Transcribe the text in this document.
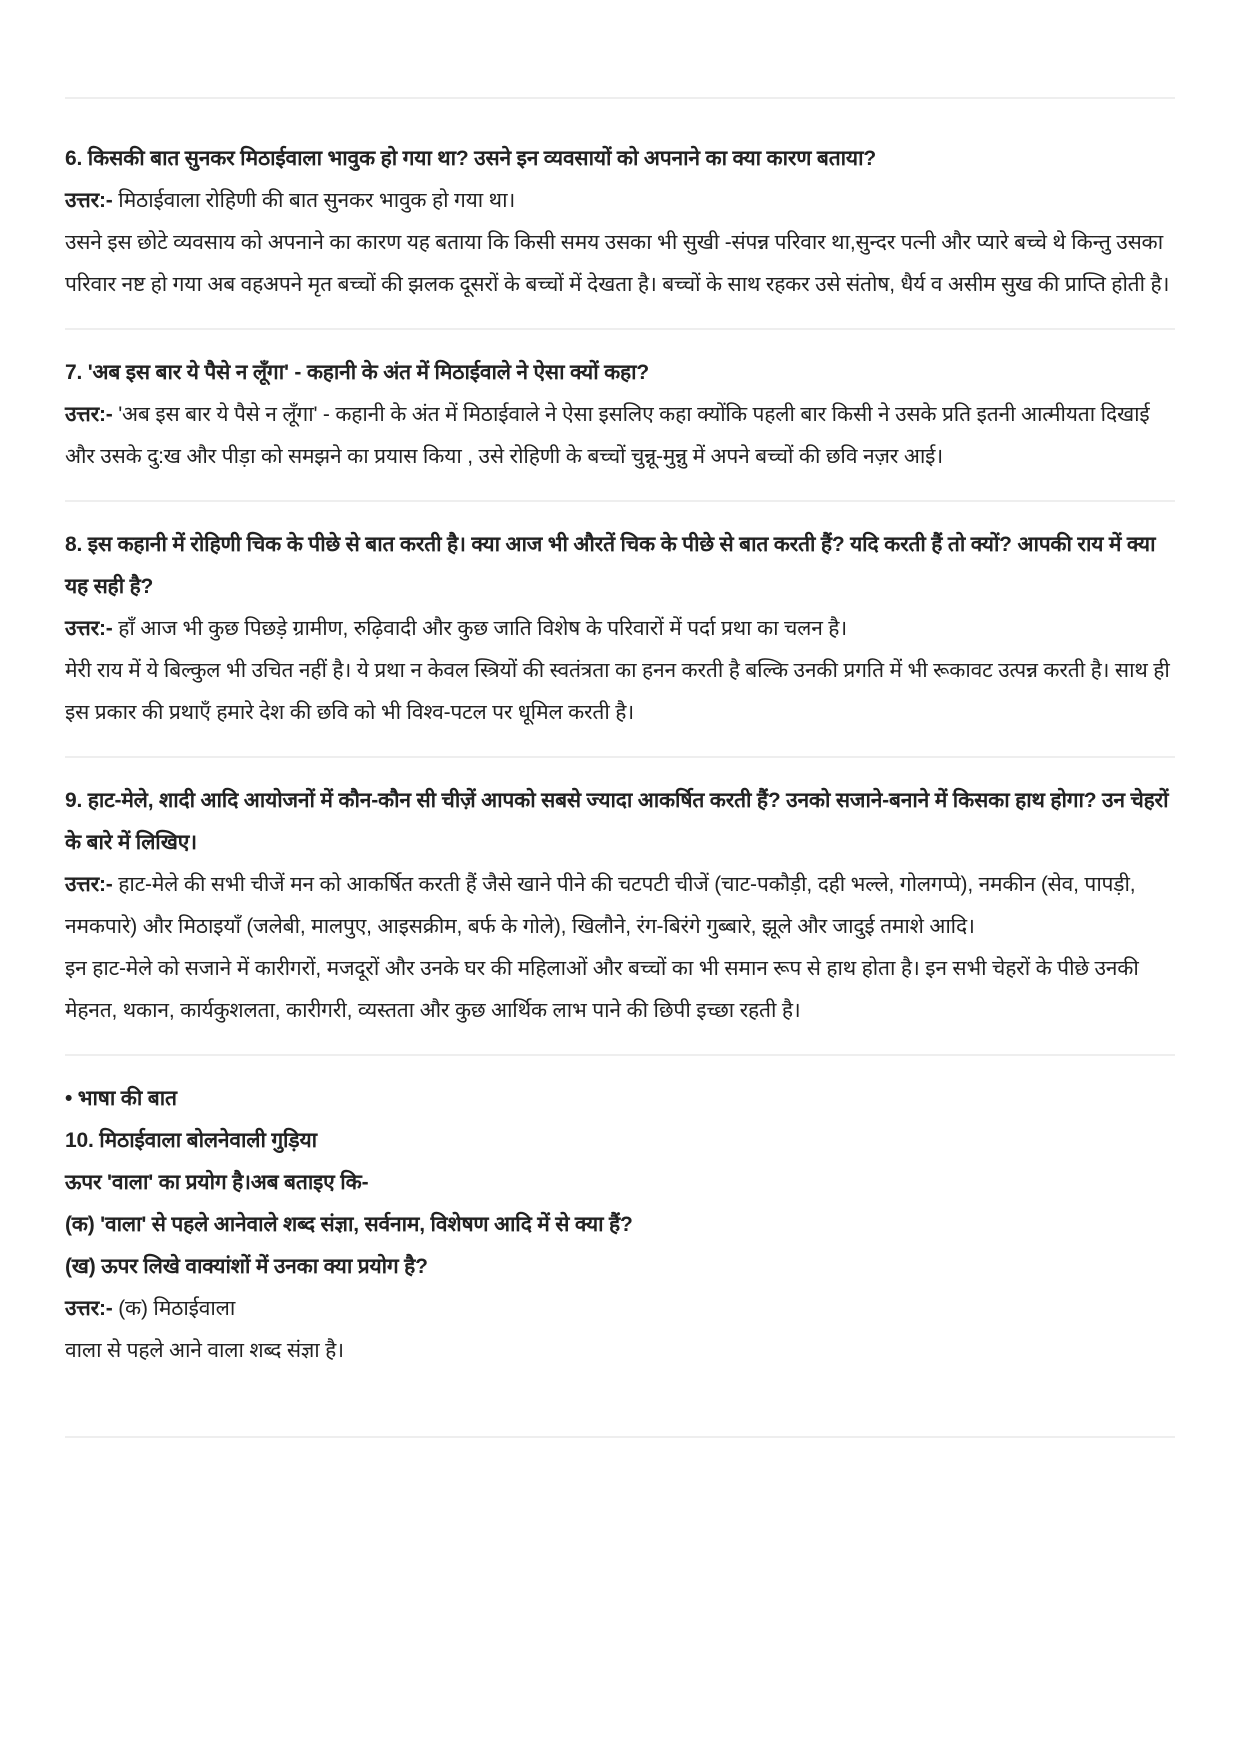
6. किसकी बात सुनकर मिठाईवाला भावुक हो गया था? उसने इन व्यवसायों को अपनाने का क्या कारण बताया?

उत्तर:- मिठाईवाला रोहिणी की बात सुनकर भावुक हो गया था।

उसने इस छोटे व्यवसाय को अपनाने का कारण यह बताया कि किसी समय उसका भी सुखी -संपन्न परिवार था,सुन्दर पत्नी और प्यारे बच्चे थे किन्तु उसका परिवार नष्ट हो गया अब वहअपने मृत बच्चों की झलक दूसरों के बच्चों में देखता है। बच्चों के साथ रहकर उसे संतोष, धैर्य व असीम सुख की प्राप्ति होती है।

7. 'अब इस बार ये पैसे न लूँगा' - कहानी के अंत में मिठाईवाले ने ऐसा क्यों कहा?

उत्तर:- 'अब इस बार ये पैसे न लूँगा' - कहानी के अंत में मिठाईवाले ने ऐसा इसलिए कहा क्योंकि पहली बार किसी ने उसके प्रति इतनी आत्मीयता दिखाई और उसके दु:ख और पीड़ा को समझने का प्रयास किया , उसे रोहिणी के बच्चों चुन्नू-मुन्नु में अपने बच्चों की छवि नज़र आई।

8. इस कहानी में रोहिणी चिक के पीछे से बात करती है। क्या आज भी औरतें चिक के पीछे से बात करती हैं? यदि करती हैं तो क्यों? आपकी राय में क्या यह सही है?

उत्तर:- हाँ आज भी कुछ पिछड़े ग्रामीण, रुढ़िवादी और कुछ जाति विशेष के परिवारों में पर्दा प्रथा का चलन है।

मेरी राय में ये बिल्कुल भी उचित नहीं है। ये प्रथा न केवल स्त्रियों की स्वतंत्रता का हनन करती है बल्कि उनकी प्रगति में भी रूकावट उत्पन्न करती है। साथ ही इस प्रकार की प्रथाएँ हमारे देश की छवि को भी विश्व-पटल पर धूमिल करती है।

9. हाट-मेले, शादी आदि आयोजनों में कौन-कौन सी चीज़ें आपको सबसे ज्यादा आकर्षित करती हैं? उनको सजाने-बनाने में किसका हाथ होगा? उन चेहरों के बारे में लिखिए।

उत्तर:- हाट-मेले की सभी चीजें मन को आकर्षित करती हैं जैसे खाने पीने की चटपटी चीजें (चाट-पकौड़ी, दही भल्ले, गोलगप्पे), नमकीन (सेव, पापड़ी, नमकपारे) और मिठाइयाँ (जलेबी, मालपुए, आइसक्रीम, बर्फ के गोले), खिलौने, रंग-बिरंगे गुब्बारे, झूले और जादुई तमाशे आदि।

इन हाट-मेले को सजाने में कारीगरों, मजदूरों और उनके घर की महिलाओं और बच्चों का भी समान रूप से हाथ होता है। इन सभी चेहरों के पीछे उनकी मेहनत, थकान, कार्यकुशलता, कारीगरी, व्यस्तता और कुछ आर्थिक लाभ पाने की छिपी इच्छा रहती है।

• भाषा की बात

10. मिठाईवाला बोलनेवाली गुड़िया

ऊपर 'वाला' का प्रयोग है।अब बताइए कि-

(क) 'वाला' से पहले आनेवाले शब्द संज्ञा, सर्वनाम, विशेषण आदि में से क्या हैं?

(ख) ऊपर लिखे वाक्यांशों में उनका क्या प्रयोग है?

उत्तर:- (क) मिठाईवाला

वाला से पहले आने वाला शब्द संज्ञा है।
